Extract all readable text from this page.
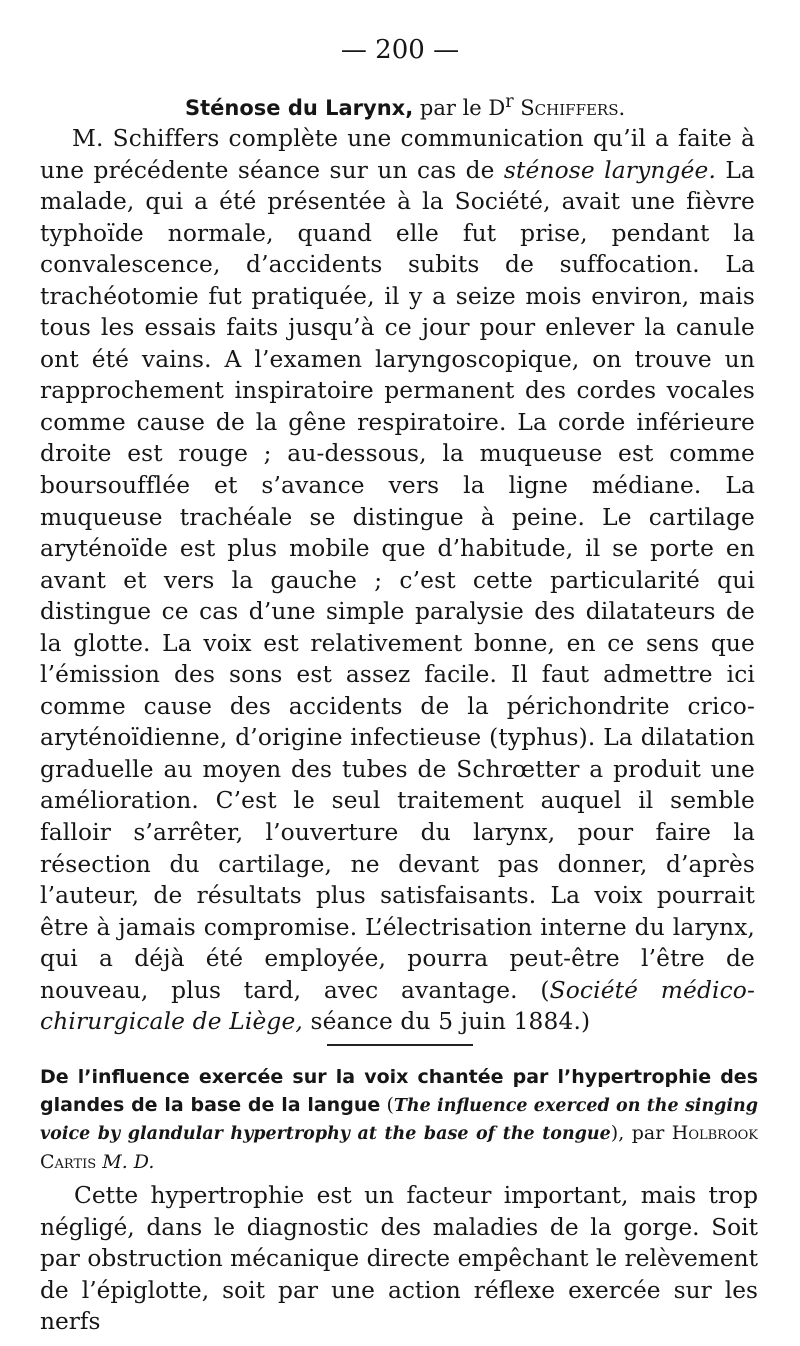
— 200 —
Sténose du Larynx, par le $D^r$ Schiffers.

M. Schiffers complète une communication qu’il a faite à une précédente séance sur un cas de sténose laryngée. La malade, qui a été présentée à la Société, avait une fièvre typhoïde normale, quand elle fut prise, pendant la convalescence, d’accidents subits de suffocation. La trachéotomie fut pratiquée, il y a seize mois environ, mais tous les essais faits jusqu’à ce jour pour enlever la canule ont été vains. A l’examen laryngoscopique, on trouve un rapprochement inspiratoire permanent des cordes vocales comme cause de la gêne respiratoire. La corde inférieure droite est rouge ; au-dessous, la muqueuse est comme boursoufflée et s’avance vers la ligne médiane. La muqueuse trachéale se distingue à peine. Le cartilage aryténoïde est plus mobile que d’habitude, il se porte en avant et vers la gauche ; c’est cette particularité qui distingue ce cas d’une simple paralysie des dilatateurs de la glotte. La voix est relativement bonne, en ce sens que l’émission des sons est assez facile. Il faut admettre ici comme cause des accidents de la périchondrite crico-aryténoïdienne, d’origine infectieuse (typhus). La dilatation graduelle au moyen des tubes de Schrœtter a produit une amélioration. C’est le seul traitement auquel il semble falloir s’arrêter, l’ouverture du larynx, pour faire la résection du cartilage, ne devant pas donner, d’après l’auteur, de résultats plus satisfaisants. La voix pourrait être à jamais compromise. L’électrisation interne du larynx, qui a déjà été employée, pourra peut-être l’être de nouveau, plus tard, avec avantage. (Société médico-chirurgicale de Liège, séance du 5 juin 1884.)

De l’influence exercée sur la voix chantée par l’hypertrophie des glandes de la base de la langue (The influence exerced on the singing voice by glandular hypertrophy at the base of the tongue), par Holbrook Cartis M. D.

Cette hypertrophie est un facteur important, mais trop négligé, dans le diagnostic des maladies de la gorge. Soit par obstruction mécanique directe empêchant le relèvement de l’épiglotte, soit par une action réflexe exercée sur les nerfs
